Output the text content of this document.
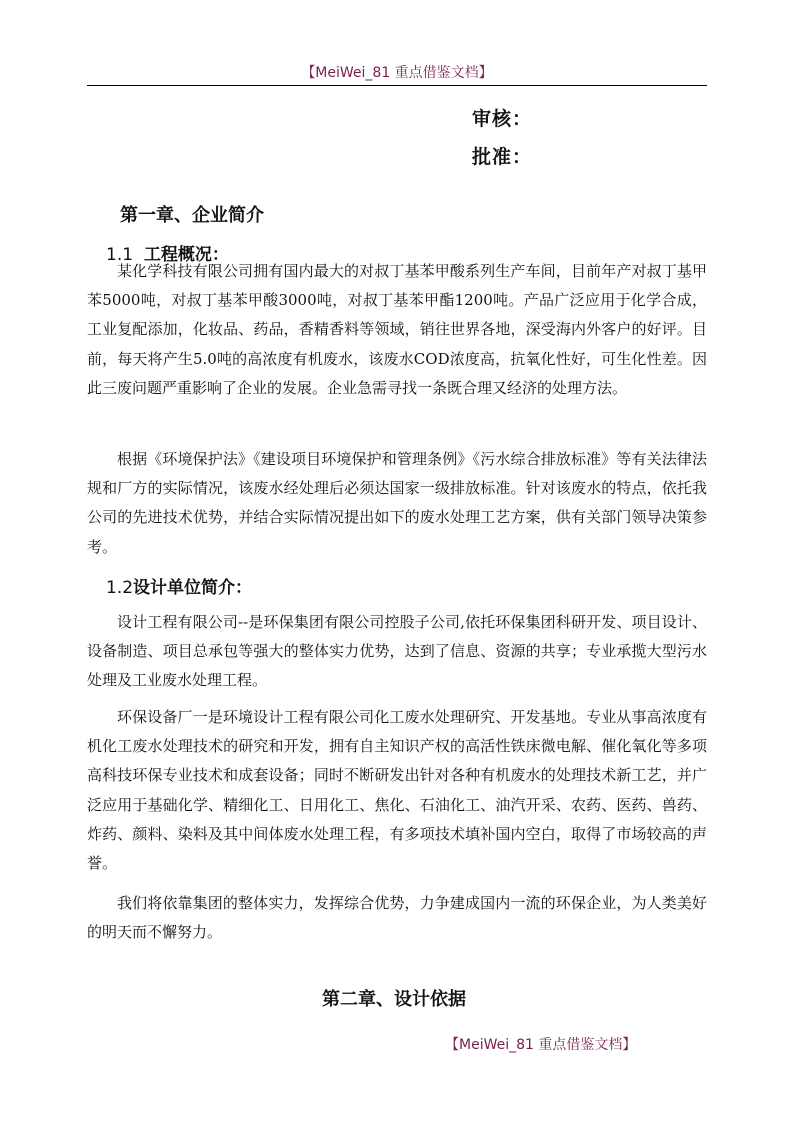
【MeiWei_81 重点借鉴文档】
审核：
批准：
第一章、企业简介
1.1 工程概况：

某化学科技有限公司拥有国内最大的对叔丁基苯甲酸系列生产车间，目前年产对叔丁基甲苯5000吨，对叔丁基苯甲酸3000吨，对叔丁基苯甲酯1200吨。产品广泛应用于化学合成，工业复配添加，化妆品、药品，香精香料等领域，销往世界各地，深受海内外客户的好评。目前，每天将产生5.0吨的高浓度有机废水，该废水COD浓度高，抗氧化性好，可生化性差。因此三废问题严重影响了企业的发展。企业急需寻找一条既合理又经济的处理方法。

根据《环境保护法》《建设项目环境保护和管理条例》《污水综合排放标准》等有关法律法规和厂方的实际情况，该废水经处理后必须达国家一级排放标准。针对该废水的特点，依托我公司的先进技术优势，并结合实际情况提出如下的废水处理工艺方案，供有关部门领导决策参考。

1.2设计单位简介：

设计工程有限公司--是环保集团有限公司控股子公司,依托环保集团科研开发、项目设计、设备制造、项目总承包等强大的整体实力优势，达到了信息、资源的共享；专业承揽大型污水处理及工业废水处理工程。

环保设备厂一是环境设计工程有限公司化工废水处理研究、开发基地。专业从事高浓度有机化工废水处理技术的研究和开发，拥有自主知识产权的高活性铁床微电解、催化氧化等多项高科技环保专业技术和成套设备；同时不断研发出针对各种有机废水的处理技术新工艺，并广泛应用于基础化学、精细化工、日用化工、焦化、石油化工、油汽开采、农药、医药、兽药、炸药、颜料、染料及其中间体废水处理工程，有多项技术填补国内空白，取得了市场较高的声誉。

我们将依靠集团的整体实力，发挥综合优势，力争建成国内一流的环保企业，为人类美好的明天而不懈努力。

第二章、设计依据
【MeiWei_81 重点借鉴文档】
